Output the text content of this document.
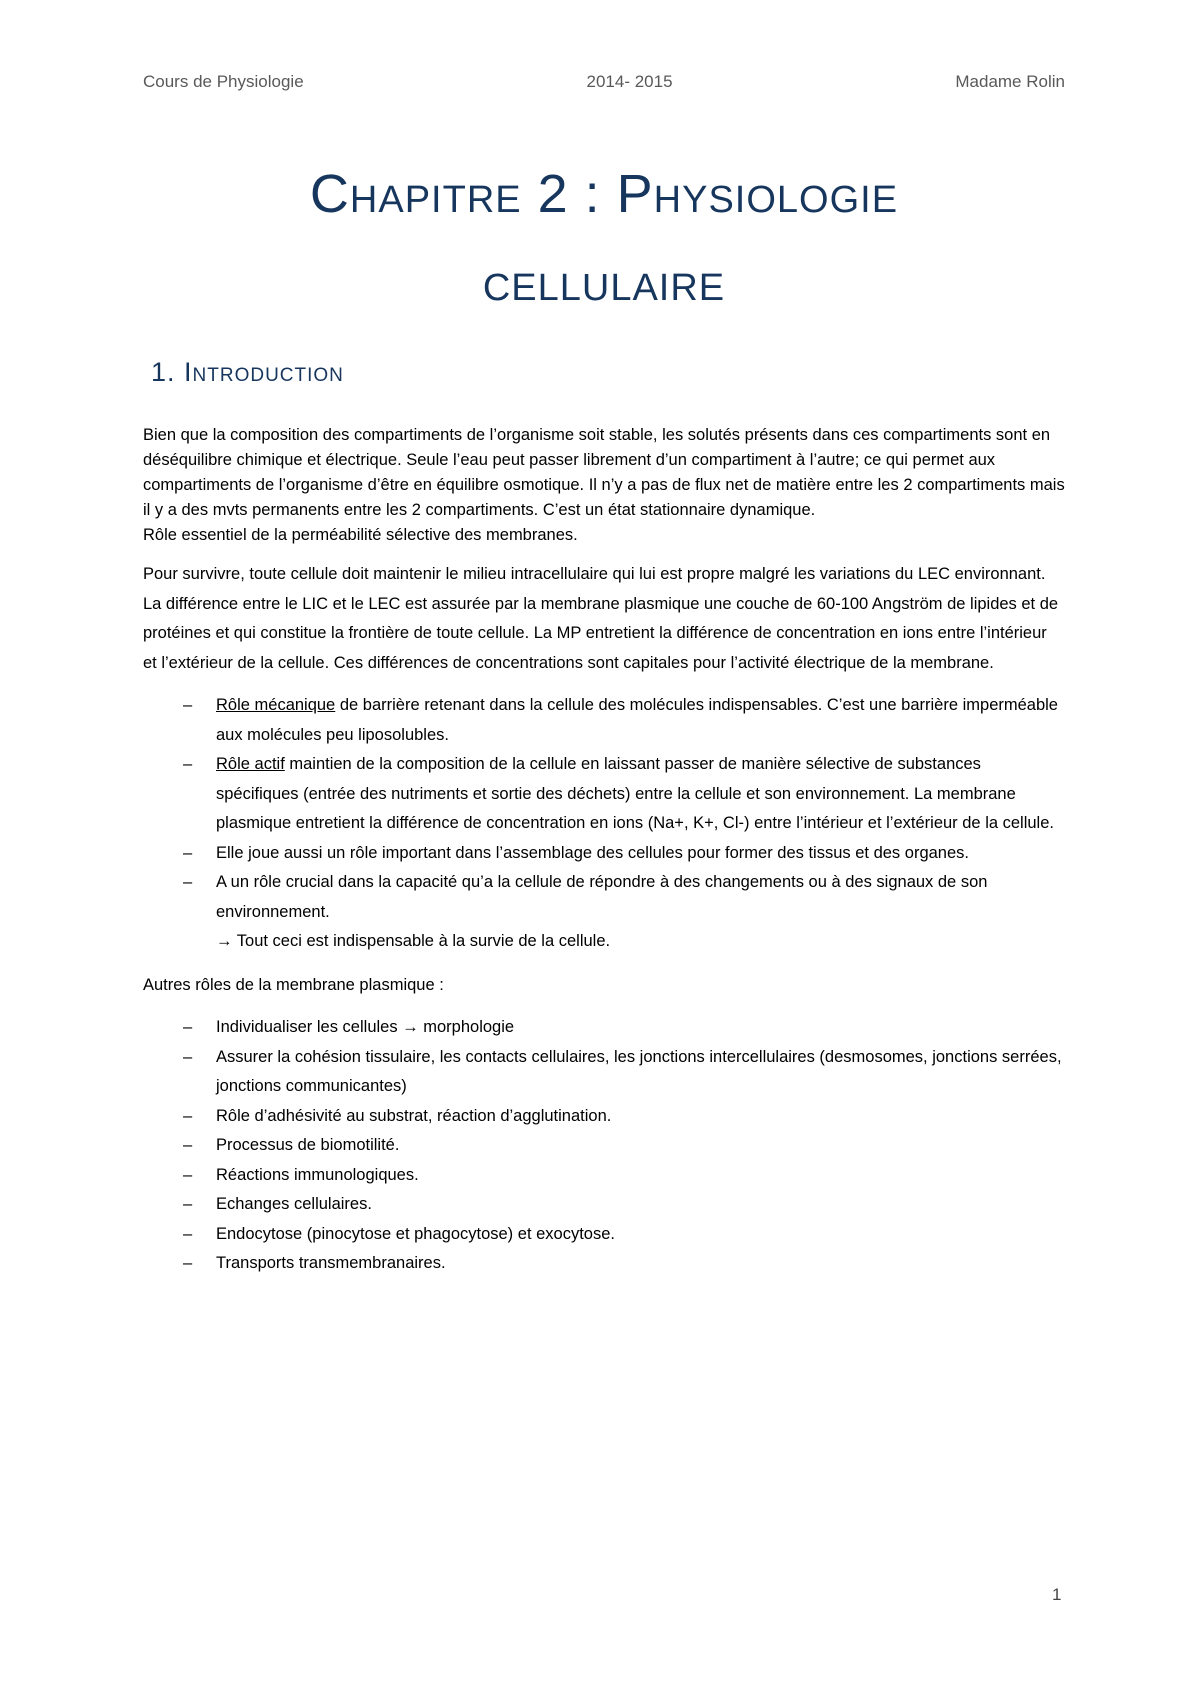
Cours de Physiologie	2014- 2015	Madame Rolin
Chapitre 2 : Physiologie
cellulaire
1. Introduction

Bien que la composition des compartiments de l’organisme soit stable, les solutés présents dans ces compartiments sont en déséquilibre chimique et électrique. Seule l’eau peut passer librement d’un compartiment à l’autre; ce qui permet aux compartiments de l’organisme d’être en équilibre osmotique. Il n’y a pas de flux net de matière entre les 2 compartiments mais il y a des mvts permanents entre les 2 compartiments. C’est un état stationnaire dynamique.
Rôle essentiel de la perméabilité sélective des membranes.

Pour survivre, toute cellule doit maintenir le milieu intracellulaire qui lui est propre malgré les variations du LEC environnant. La différence entre le LIC et le LEC est assurée par la membrane plasmique une couche de 60-100 Angström de lipides et de protéines et qui constitue la frontière de toute cellule. La MP entretient la différence de concentration en ions entre l’intérieur et l’extérieur de la cellule. Ces différences de concentrations sont capitales pour l’activité électrique de la membrane.

– Rôle mécanique de barrière retenant dans la cellule des molécules indispensables. C’est une barrière imperméable aux molécules peu liposolubles.
– Rôle actif maintien de la composition de la cellule en laissant passer de manière sélective de substances spécifiques (entrée des nutriments et sortie des déchets) entre la cellule et son environnement. La membrane plasmique entretient la différence de concentration en ions (Na+, K+, Cl-) entre l’intérieur et l’extérieur de la cellule.
– Elle joue aussi un rôle important dans l’assemblage des cellules pour former des tissus et des organes.
– A un rôle crucial dans la capacité qu’a la cellule de répondre à des changements ou à des signaux de son environnement.
→ Tout ceci est indispensable à la survie de la cellule.

Autres rôles de la membrane plasmique :

– Individualiser les cellules → morphologie
– Assurer la cohésion tissulaire, les contacts cellulaires, les jonctions intercellulaires (desmosomes, jonctions serrées, jonctions communicantes)
– Rôle d’adhésivité au substrat, réaction d’agglutination.
– Processus de biomotilité.
– Réactions immunologiques.
– Echanges cellulaires.
– Endocytose (pinocytose et phagocytose) et exocytose.
– Transports transmembranaires.
1
